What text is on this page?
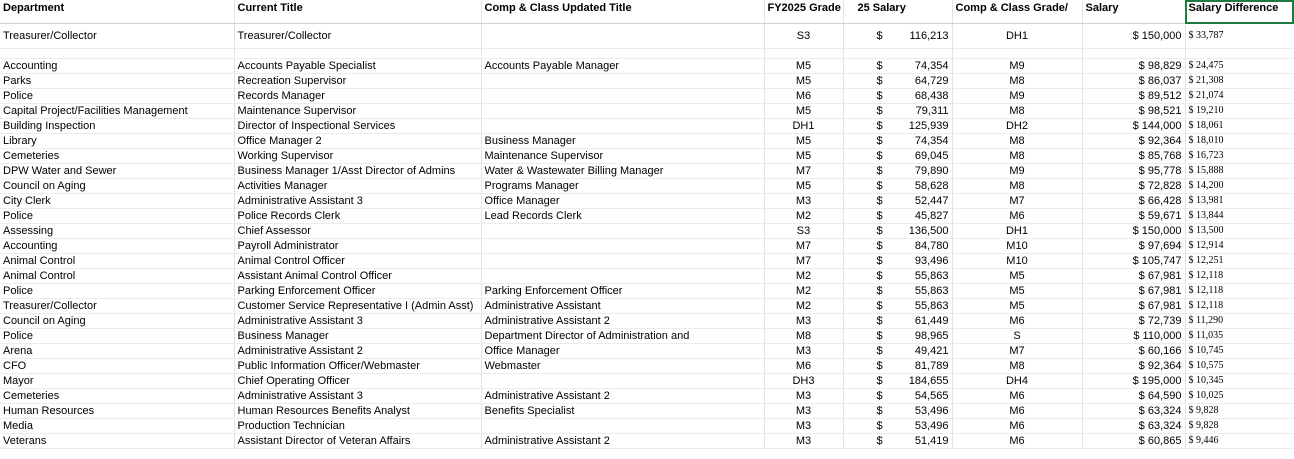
Department	Current Title	Comp & Class Updated Title	FY2025 Grade	25 Salary	Comp & Class Grade/	Salary	Salary Difference
Treasurer/Collector	Treasurer/Collector		S3	$ 116,213	DH1	$ 150,000	$ 33,787

Accounting	Accounts Payable Specialist	Accounts Payable Manager	M5	$ 74,354	M9	$ 98,829	$ 24,475
Parks	Recreation Supervisor		M5	$ 64,729	M8	$ 86,037	$ 21,308
Police	Records Manager		M6	$ 68,438	M9	$ 89,512	$ 21,074
Capital Project/Facilities Management	Maintenance Supervisor		M5	$ 79,311	M8	$ 98,521	$ 19,210
Building Inspection	Director of Inspectional Services		DH1	$ 125,939	DH2	$ 144,000	$ 18,061
Library	Office Manager 2	Business Manager	M5	$ 74,354	M8	$ 92,364	$ 18,010
Cemeteries	Working Supervisor	Maintenance Supervisor	M5	$ 69,045	M8	$ 85,768	$ 16,723
DPW Water and Sewer	Business Manager 1/Asst Director of Admins	Water & Wastewater Billing Manager	M7	$ 79,890	M9	$ 95,778	$ 15,888
Council on Aging	Activities Manager	Programs Manager	M5	$ 58,628	M8	$ 72,828	$ 14,200
City Clerk	Administrative Assistant 3	Office Manager	M3	$ 52,447	M7	$ 66,428	$ 13,981
Police	Police Records Clerk	Lead Records Clerk	M2	$ 45,827	M6	$ 59,671	$ 13,844
Assessing	Chief Assessor		S3	$ 136,500	DH1	$ 150,000	$ 13,500
Accounting	Payroll Administrator		M7	$ 84,780	M10	$ 97,694	$ 12,914
Animal Control	Animal Control Officer		M7	$ 93,496	M10	$ 105,747	$ 12,251
Animal Control	Assistant Animal Control Officer		M2	$ 55,863	M5	$ 67,981	$ 12,118
Police	Parking Enforcement Officer	Parking Enforcement Officer	M2	$ 55,863	M5	$ 67,981	$ 12,118
Treasurer/Collector	Customer Service Representative I (Admin Asst)	Administrative Assistant	M2	$ 55,863	M5	$ 67,981	$ 12,118
Council on Aging	Administrative Assistant 3	Administrative Assistant 2	M3	$ 61,449	M6	$ 72,739	$ 11,290
Police	Business Manager	Department Director of Administration and	M8	$ 98,965	S	$ 110,000	$ 11,035
Arena	Administrative Assistant 2	Office Manager	M3	$ 49,421	M7	$ 60,166	$ 10,745
CFO	Public Information Officer/Webmaster	Webmaster	M6	$ 81,789	M8	$ 92,364	$ 10,575
Mayor	Chief Operating Officer		DH3	$ 184,655	DH4	$ 195,000	$ 10,345
Cemeteries	Administrative Assistant 3	Administrative Assistant 2	M3	$ 54,565	M6	$ 64,590	$ 10,025
Human Resources	Human Resources Benefits Analyst	Benefits Specialist	M3	$ 53,496	M6	$ 63,324	$ 9,828
Media	Production Technician		M3	$ 53,496	M6	$ 63,324	$ 9,828
Veterans	Assistant Director of Veteran Affairs	Administrative Assistant 2	M3	$ 51,419	M6	$ 60,865	$ 9,446
